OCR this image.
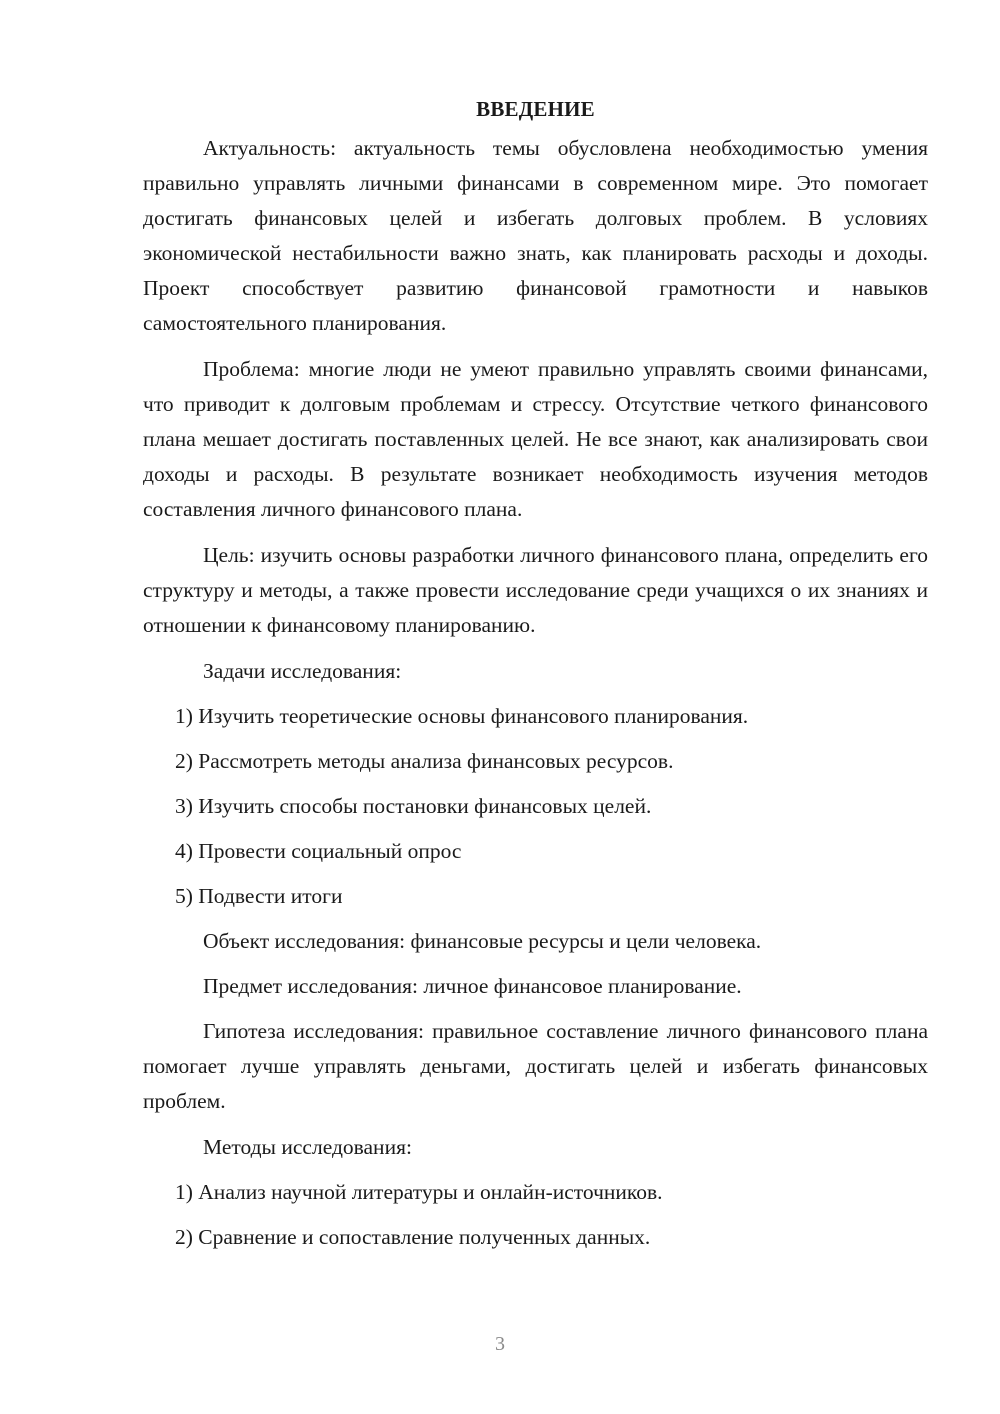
ВВЕДЕНИЕ

Актуальность: актуальность темы обусловлена необходимостью умения правильно управлять личными финансами в современном мире. Это помогает достигать финансовых целей и избегать долговых проблем. В условиях экономической нестабильности важно знать, как планировать расходы и доходы. Проект способствует развитию финансовой грамотности и навыков самостоятельного планирования.

Проблема: многие люди не умеют правильно управлять своими финансами, что приводит к долговым проблемам и стрессу. Отсутствие четкого финансового плана мешает достигать поставленных целей. Не все знают, как анализировать свои доходы и расходы. В результате возникает необходимость изучения методов составления личного финансового плана.

Цель: изучить основы разработки личного финансового плана, определить его структуру и методы, а также провести исследование среди учащихся о их знаниях и отношении к финансовому планированию.

Задачи исследования:
1) Изучить теоретические основы финансового планирования.
2) Рассмотреть методы анализа финансовых ресурсов.
3) Изучить способы постановки финансовых целей.
4) Провести социальный опрос
5) Подвести итоги
Объект исследования: финансовые ресурсы и цели человека.
Предмет исследования: личное финансовое планирование.

Гипотеза исследования: правильное составление личного финансового плана помогает лучше управлять деньгами, достигать целей и избегать финансовых проблем.

Методы исследования:
1) Анализ научной литературы и онлайн-источников.
2) Сравнение и сопоставление полученных данных.
3
